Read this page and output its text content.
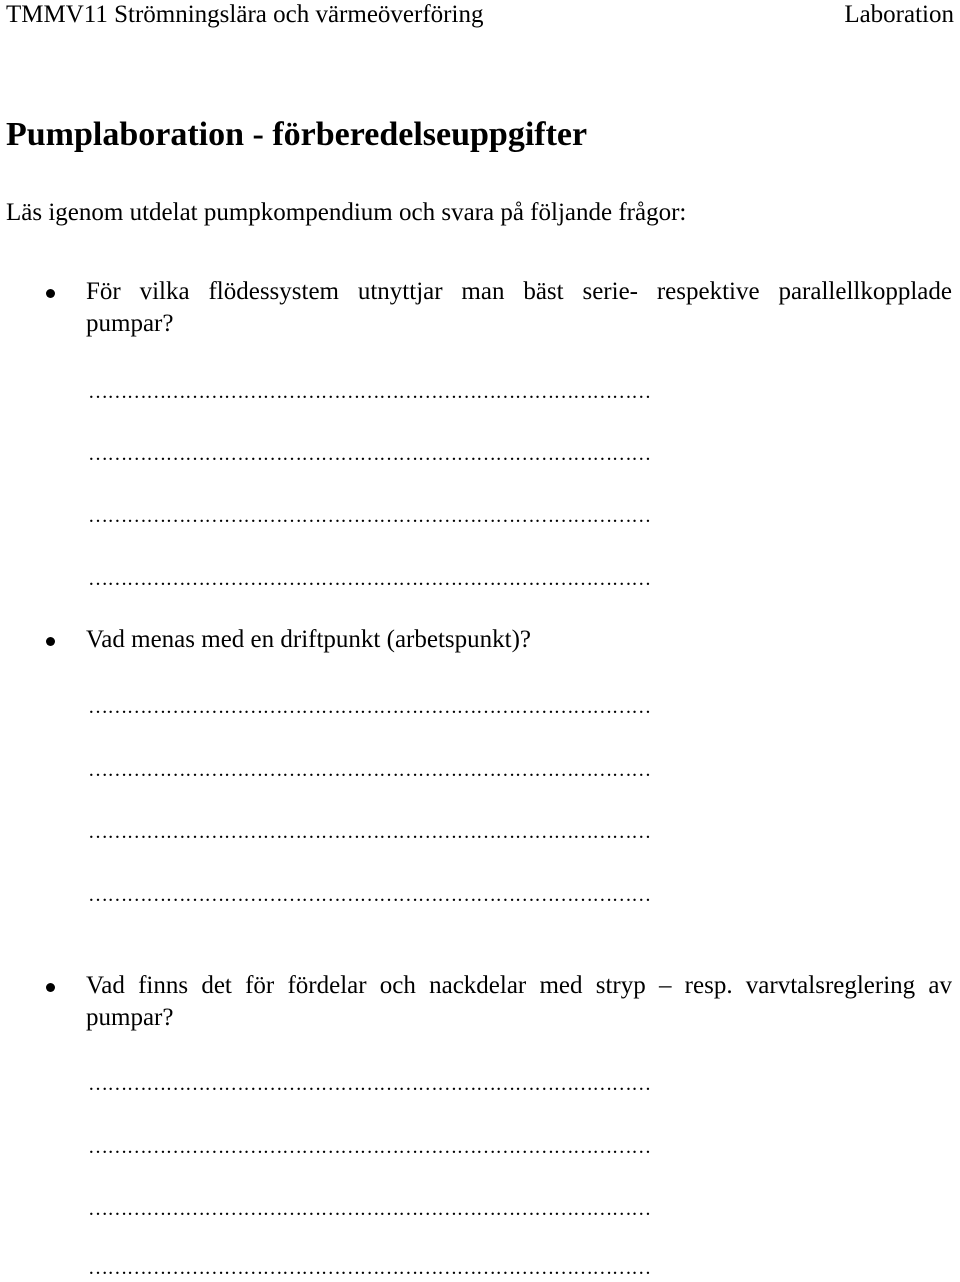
TMMV11 Strömningslära och värmeöverföring	Laboration
Pumplaboration - förberedelseuppgifter
Läs igenom utdelat pumpkompendium och svara på följande frågor:
För vilka flödessystem utnyttjar man bäst serie- respektive parallellkopplade
pumpar?
……………………………………………………………………………
……………………………………………………………………………
……………………………………………………………………………
……………………………………………………………………………
Vad menas med en driftpunkt (arbetspunkt)?
……………………………………………………………………………
……………………………………………………………………………
……………………………………………………………………………
……………………………………………………………………………
Vad finns det för fördelar och nackdelar med stryp – resp. varvtalsreglering av
pumpar?
……………………………………………………………………………
……………………………………………………………………………
……………………………………………………………………………
……………………………………………………………………………
